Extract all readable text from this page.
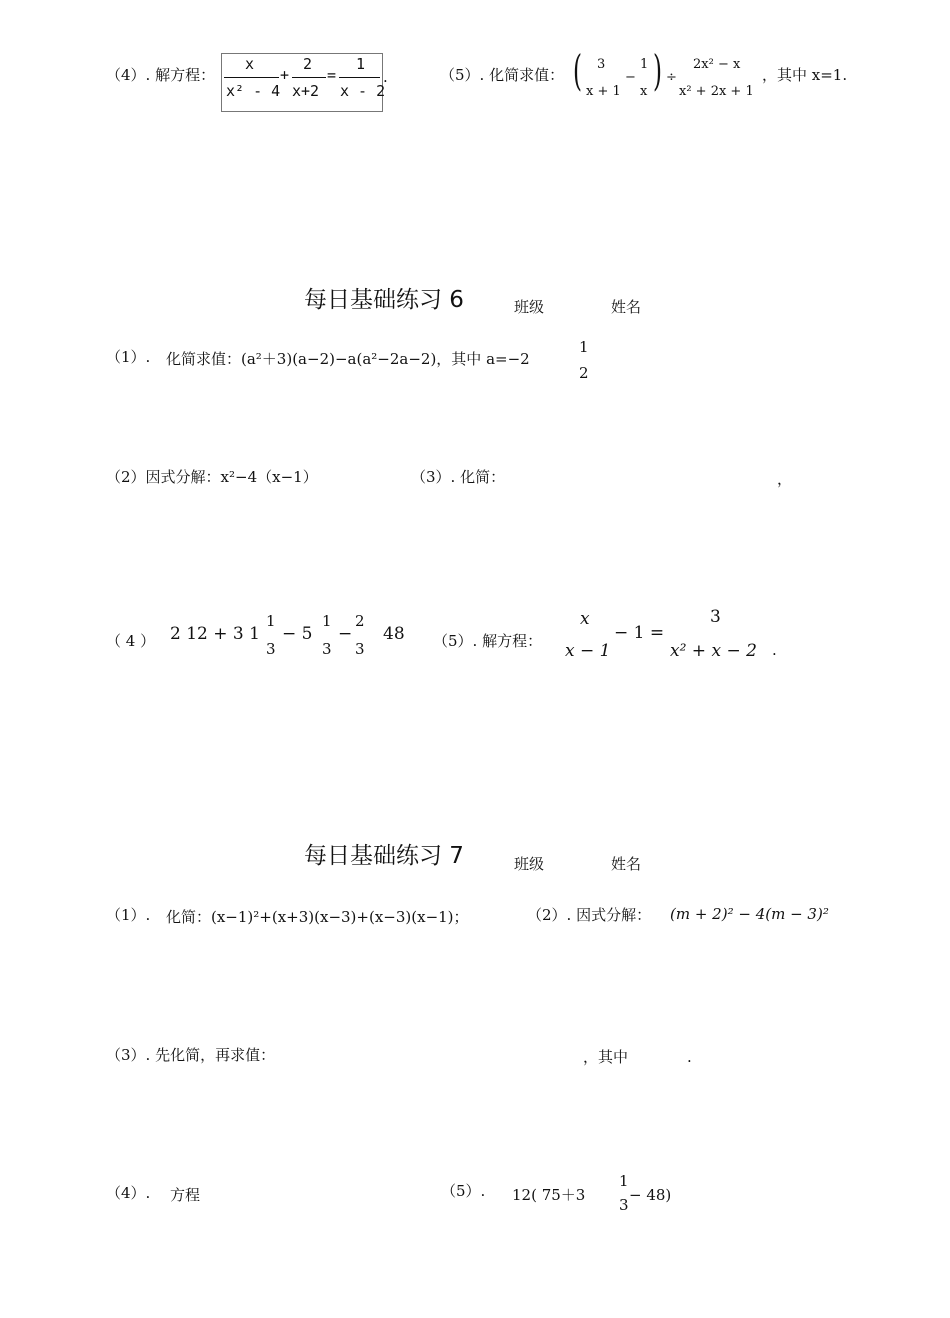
（4）. 解方程：
x
x² - 4
+
2
x+2
=
1
x - 2
.	（5）. 化简求值： ( 3
x + 1
−
1
x ) ÷
2x² − x
x² + 2x + 1
，其中 x=1.
每日基础练习 6	班级	姓名
（1）. 化简求值：(a²＋3)(a−2)−a(a²−2a−2)，其中 a=−2
1
2
（2）因式分解：x²−4（x−1）	（3）. 化简：	，
（ 4 ） 2 12 + 3 1
1
3
− 5
1
3
−
2
3
48 （5）. 解方程：
x
x − 1
− 1 =
3
x² + x − 2 .
每日基础练习 7	班级	姓名
（1）. 化简：(x−1)²+(x+3)(x−3)+(x−3)(x−1)；	（2）. 因式分解： (m + 2)² − 4(m − 3)²
（3）. 先化简，再求值：	，其中	.
（4）. 方程	（5）. 12( 75＋3
1
3
− 48)
